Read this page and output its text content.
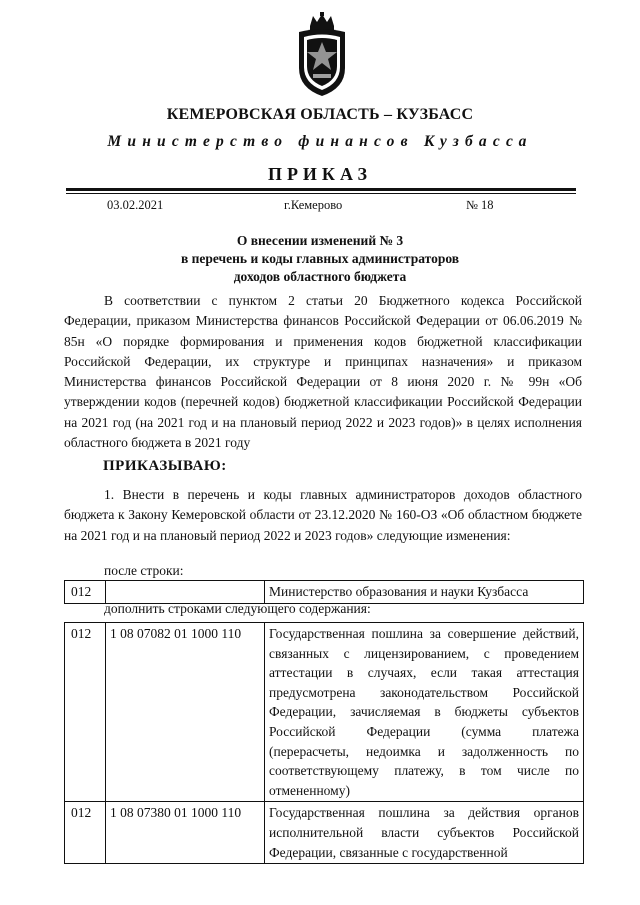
КЕМЕРОВСКАЯ ОБЛАСТЬ – КУЗБАСС
Министерство финансов Кузбасса
ПРИКАЗ
03.02.2021	г.Кемерово	№ 18
О внесении изменений № 3
в перечень и коды главных администраторов
доходов областного бюджета
В соответствии с пунктом 2 статьи 20 Бюджетного кодекса Российской Федерации, приказом Министерства финансов Российской Федерации от 06.06.2019 № 85н «О порядке формирования и применения кодов бюджетной классификации Российской Федерации, их структуре и принципах назначения» и приказом Министерства финансов Российской Федерации от 8 июня 2020 г. № 99н «Об утверждении кодов (перечней кодов) бюджетной классификации Российской Федерации на 2021 год (на 2021 год и на плановый период 2022 и 2023 годов)» в целях исполнения областного бюджета в 2021 году
ПРИКАЗЫВАЮ:
1. Внести в перечень и коды главных администраторов доходов областного бюджета к Закону Кемеровской области от 23.12.2020 № 160-ОЗ «Об областном бюджете на 2021 год и на плановый период 2022 и 2023 годов» следующие изменения:
после строки:
012		Министерство образования и науки Кузбасса
дополнить строками следующего содержания:
012	1 08 07082 01 1000 110	Государственная пошлина за совершение действий, связанных с лицензированием, с проведением аттестации в случаях, если такая аттестация предусмотрена законодательством Российской Федерации, зачисляемая в бюджеты субъектов Российской Федерации (сумма платежа (перерасчеты, недоимка и задолженность по соответствующему платежу, в том числе по отмененному)
012	1 08 07380 01 1000 110	Государственная пошлина за действия органов исполнительной власти субъектов Российской Федерации, связанные с государственной
